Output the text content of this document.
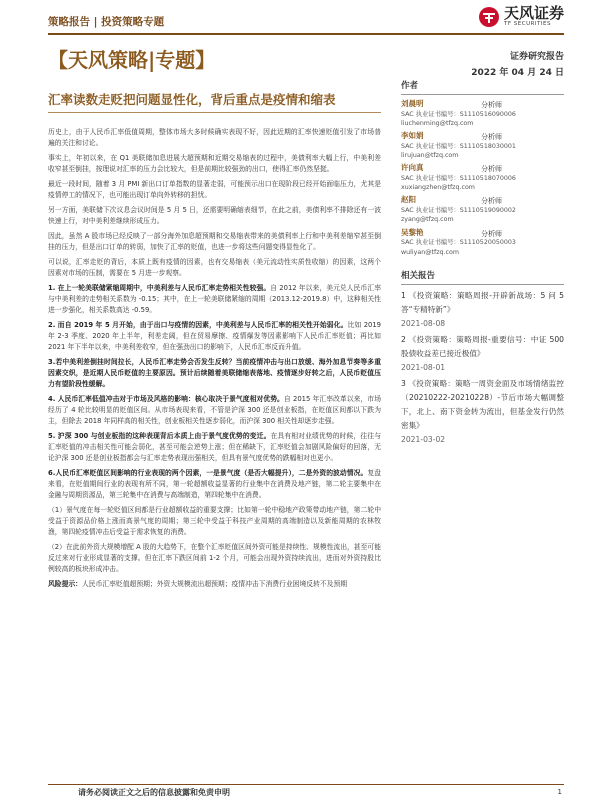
策略报告 | 投资策略专题	天风证券
TF SECURITIES
【天风策略|专题】	证券研究报告
2022 年 04 月 24 日
汇率读数走贬把问题显性化，背后重点是疫情和缩表

历史上，由于人民币汇率低值周期，整体市场大多时候确实表现不好，因此近期的汇率快速贬值引发了市场普遍的关注和讨论。

事实上，年初以来，在 Q1 美联储加息进展大超预期和近期交易缩表的过程中，美债利率大幅上行，中美利差收窄甚至倒挂，按理说对汇率的压力会比较大，但是前期比较强劲的出口，使得汇率仍然坚挺。

最近一段时间，随着 3 月 PMI 新出口订单指数的显著走弱，可能预示出口在现阶段已经开始面临压力，尤其是疫情停工的情况下，也可能出现订单向外转移的担忧。

另一方面，美联储下次议息会议时间是 5 月 5 日，还需要明确缩表细节，在此之前，美债利率不排除还有一波快速上行，对中美利差继续形成压力。

因此，虽然 A 股市场已经反映了一部分海外加息超预期和交易缩表带来的美债利率上行和中美利差缩窄甚至倒挂的压力，但是出口订单的转弱，加快了汇率的贬值，也进一步将这些问题变得显性化了。

可以说，汇率走贬的背后，本质上既有疫情的因素，也有交易缩表（美元流动性实质性收缩）的因素，这两个因素对市场的压制，需要在 5 月进一步观察。

1. 在上一轮美联储紧缩周期中，中美利差与人民币汇率走势相关性较强。自 2012 年以来，美元兑人民币汇率与中美利差的走势相关系数为 -0.15；其中，在上一轮美联储紧缩的周期（2013.12-2019.8）中，这种相关性进一步强化，相关系数高达 -0.59。

2. 而自 2019 年 5 月开始，由于出口与疫情的因素，中美利差与人民币汇率的相关性开始弱化。比如 2019 年 2-3 季度、2020 年上半年，利差走阔，但在贸易摩擦、疫情爆发等因素影响下人民币汇率贬值；再比如 2021 年下半年以来，中美利差收窄，但在强劲出口的影响下，人民币汇率反而升值。

3.若中美利差倒挂时间拉长，人民币汇率走势会否发生反转？当前疫情冲击与出口放缓、海外加息节奏等多重因素交织，是近期人民币贬值的主要原因。预计后续随着美联储缩表落地、疫情逐步好转之后，人民币贬值压力有望阶段性缓解。

4. 人民币汇率低值冲击对于市场及风格的影响：核心取决于景气度相对优势。自 2015 年汇率改革以来，市场经历了 4 轮比较明显的贬值区间。从市场表现来看，不管是沪深 300 还是创业板指，在贬值区间都以下跌为主，但除去 2018 年同样高的相关性，创业板相关性逐步弱化，而沪深 300 相关性却逐步走强。

5. 沪深 300 与创业板指的这种表现背后本质上由于景气度优势的变迁。在具有相对业绩优势的时候，往往与汇率贬值的冲击相关性可能会弱化，甚至可能会逆势上涨；但在稀缺下，汇率贬值会加剧风险偏好的回落，无论沪深 300 还是创业板指都会与汇率走势表现出强相关，但具有景气度优势的跌幅相对也更小。

6.人民币汇率贬值区间影响的行业表现的两个因素，一是景气度（是否大幅提升），二是外资的波动情况。复盘来看，在贬值期间行业的表现有所不同，第一轮超额收益显著的行业集中在消费及地产链，第二轮主要集中在金融与周期资源品，第三轮集中在消费与高端制造，第四轮集中在消费。

（1）景气度在每一轮贬值区间都是行业超额收益的重要支撑；比如第一轮中稳地产政策带动地产链，第二轮中受益于资源品价格上涨而高景气度的周期；第三轮中受益于科技产业周期的高端制造以及新能周期的农林牧渔，第四轮疫情冲击后受益于需求恢复的消费。

（2）在此前外资大规模增配 A 股的大趋势下，在整个汇率贬值区间外资可能是持续性、规模性流出，甚至可能反过来对行业形成显著的支撑。但在汇率下跌区间前 1-2 个月，可能会出现外资持续流出，进而对外资持股比例较高的板块形成冲击。

风险提示：人民币汇率贬值超预期；外资大规模流出超预期；疫情冲击下消费行业困境反转不及预期

作者
刘晨明	分析师
SAC 执业证书编号：S1110516090006
liuchenming@tfzq.com
李如娟	分析师
SAC 执业证书编号：S1110518030001
lirujuan@tfzq.com
许向真	分析师
SAC 执业证书编号：S1110518070006
xuxiangzhen@tfzq.com
赵阳	分析师
SAC 执业证书编号：S1110519090002
zyang@tfzq.com
吴黎艳	分析师
SAC 执业证书编号：S1110520050003
wuliyan@tfzq.com
相关报告
1 《投资策略：策略周报-开辟新战场：5 问 5 答“专精特新”》
2021-08-08
2 《投资策略：策略周报-重要信号：中证 500 股债收益差已接近极值》
2021-08-01
3 《投资策略：策略一周资金面及市场情绪监控（20210222-20210228）-节后市场大幅调整下，北上、南下资金转为流出，但基金发行仍然密集》
2021-03-02
请务必阅读正文之后的信息披露和免责申明	1
